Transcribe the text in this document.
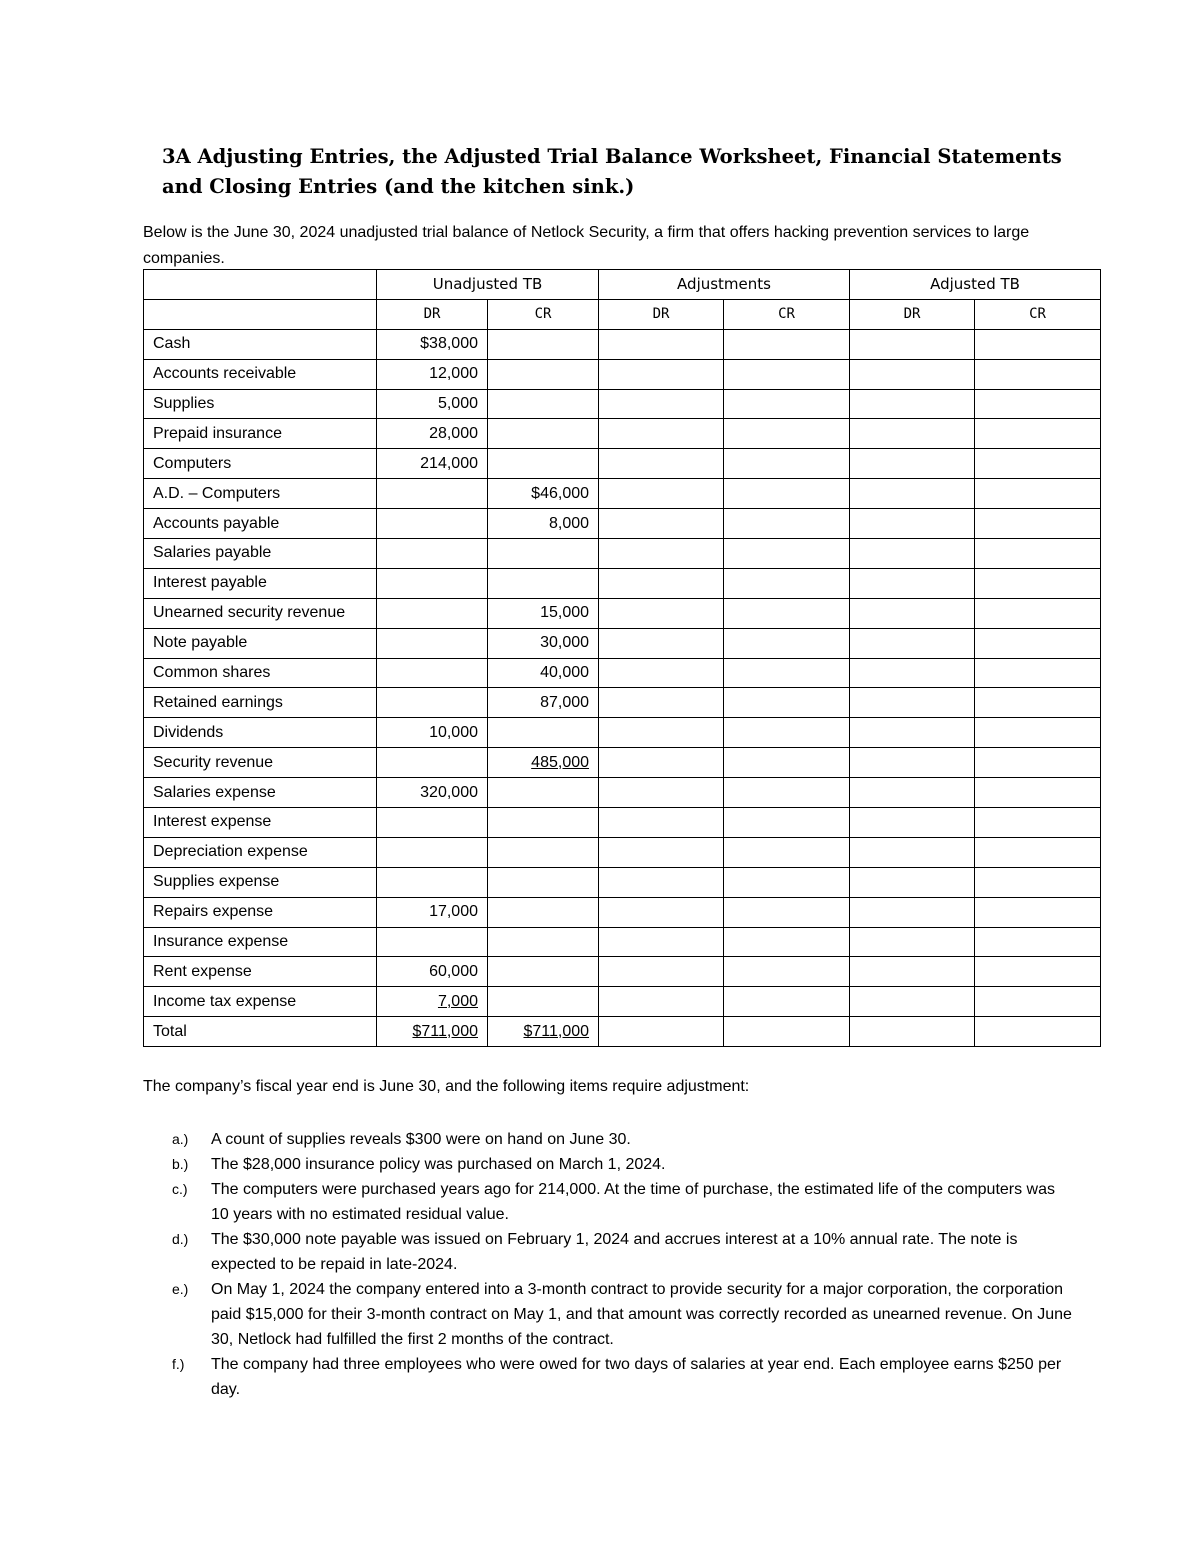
3A Adjusting Entries, the Adjusted Trial Balance Worksheet, Financial Statements and Closing Entries (and the kitchen sink.)
Below is the June 30, 2024 unadjusted trial balance of Netlock Security, a firm that offers hacking prevention services to large companies.
	Unadjusted TB		Adjustments		Adjusted TB	
	DR	CR	DR	CR	DR	CR
Cash	$38,000					
Accounts receivable	12,000					
Supplies	5,000					
Prepaid insurance	28,000					
Computers	214,000					
A.D. – Computers		$46,000				
Accounts payable		8,000				
Salaries payable						
Interest payable						
Unearned security revenue		15,000				
Note payable		30,000				
Common shares		40,000				
Retained earnings		87,000				
Dividends	10,000					
Security revenue		485,000				
Salaries expense	320,000					
Interest expense						
Depreciation expense						
Supplies expense						
Repairs expense	17,000					
Insurance expense						
Rent expense	60,000					
Income tax expense	7,000					
Total	$711,000	$711,000				
The company’s fiscal year end is June 30, and the following items require adjustment:
a.)	A count of supplies reveals $300 were on hand on June 30.
b.)	The $28,000 insurance policy was purchased on March 1, 2024.
c.)	The computers were purchased years ago for 214,000. At the time of purchase, the estimated life of the computers was 10 years with no estimated residual value.
d.)	The $30,000 note payable was issued on February 1, 2024 and accrues interest at a 10% annual rate. The note is expected to be repaid in late-2024.
e.)	On May 1, 2024 the company entered into a 3-month contract to provide security for a major corporation, the corporation paid $15,000 for their 3-month contract on May 1, and that amount was correctly recorded as unearned revenue. On June 30, Netlock had fulfilled the first 2 months of the contract.
f.)	The company had three employees who were owed for two days of salaries at year end. Each employee earns $250 per day.
